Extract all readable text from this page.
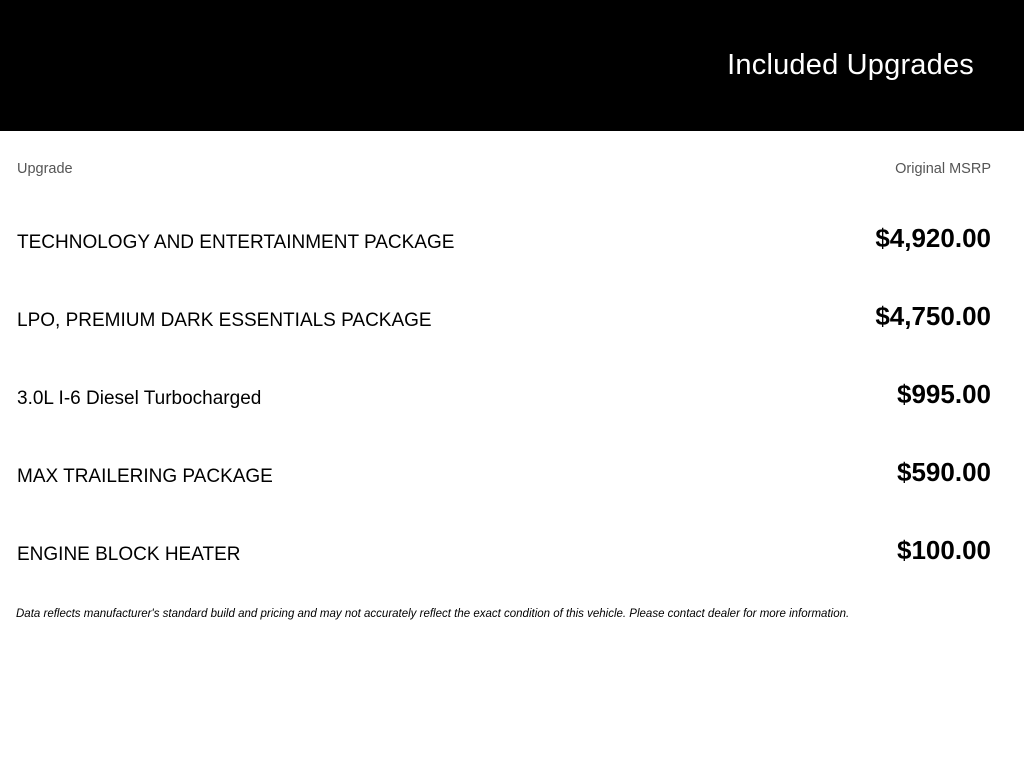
Included Upgrades
Upgrade	Original MSRP
TECHNOLOGY AND ENTERTAINMENT PACKAGE	$4,920.00
LPO, PREMIUM DARK ESSENTIALS PACKAGE	$4,750.00
3.0L I-6 Diesel Turbocharged	$995.00
MAX TRAILERING PACKAGE	$590.00
ENGINE BLOCK HEATER	$100.00
Data reflects manufacturer's standard build and pricing and may not accurately reflect the exact condition of this vehicle. Please contact dealer for more information.
